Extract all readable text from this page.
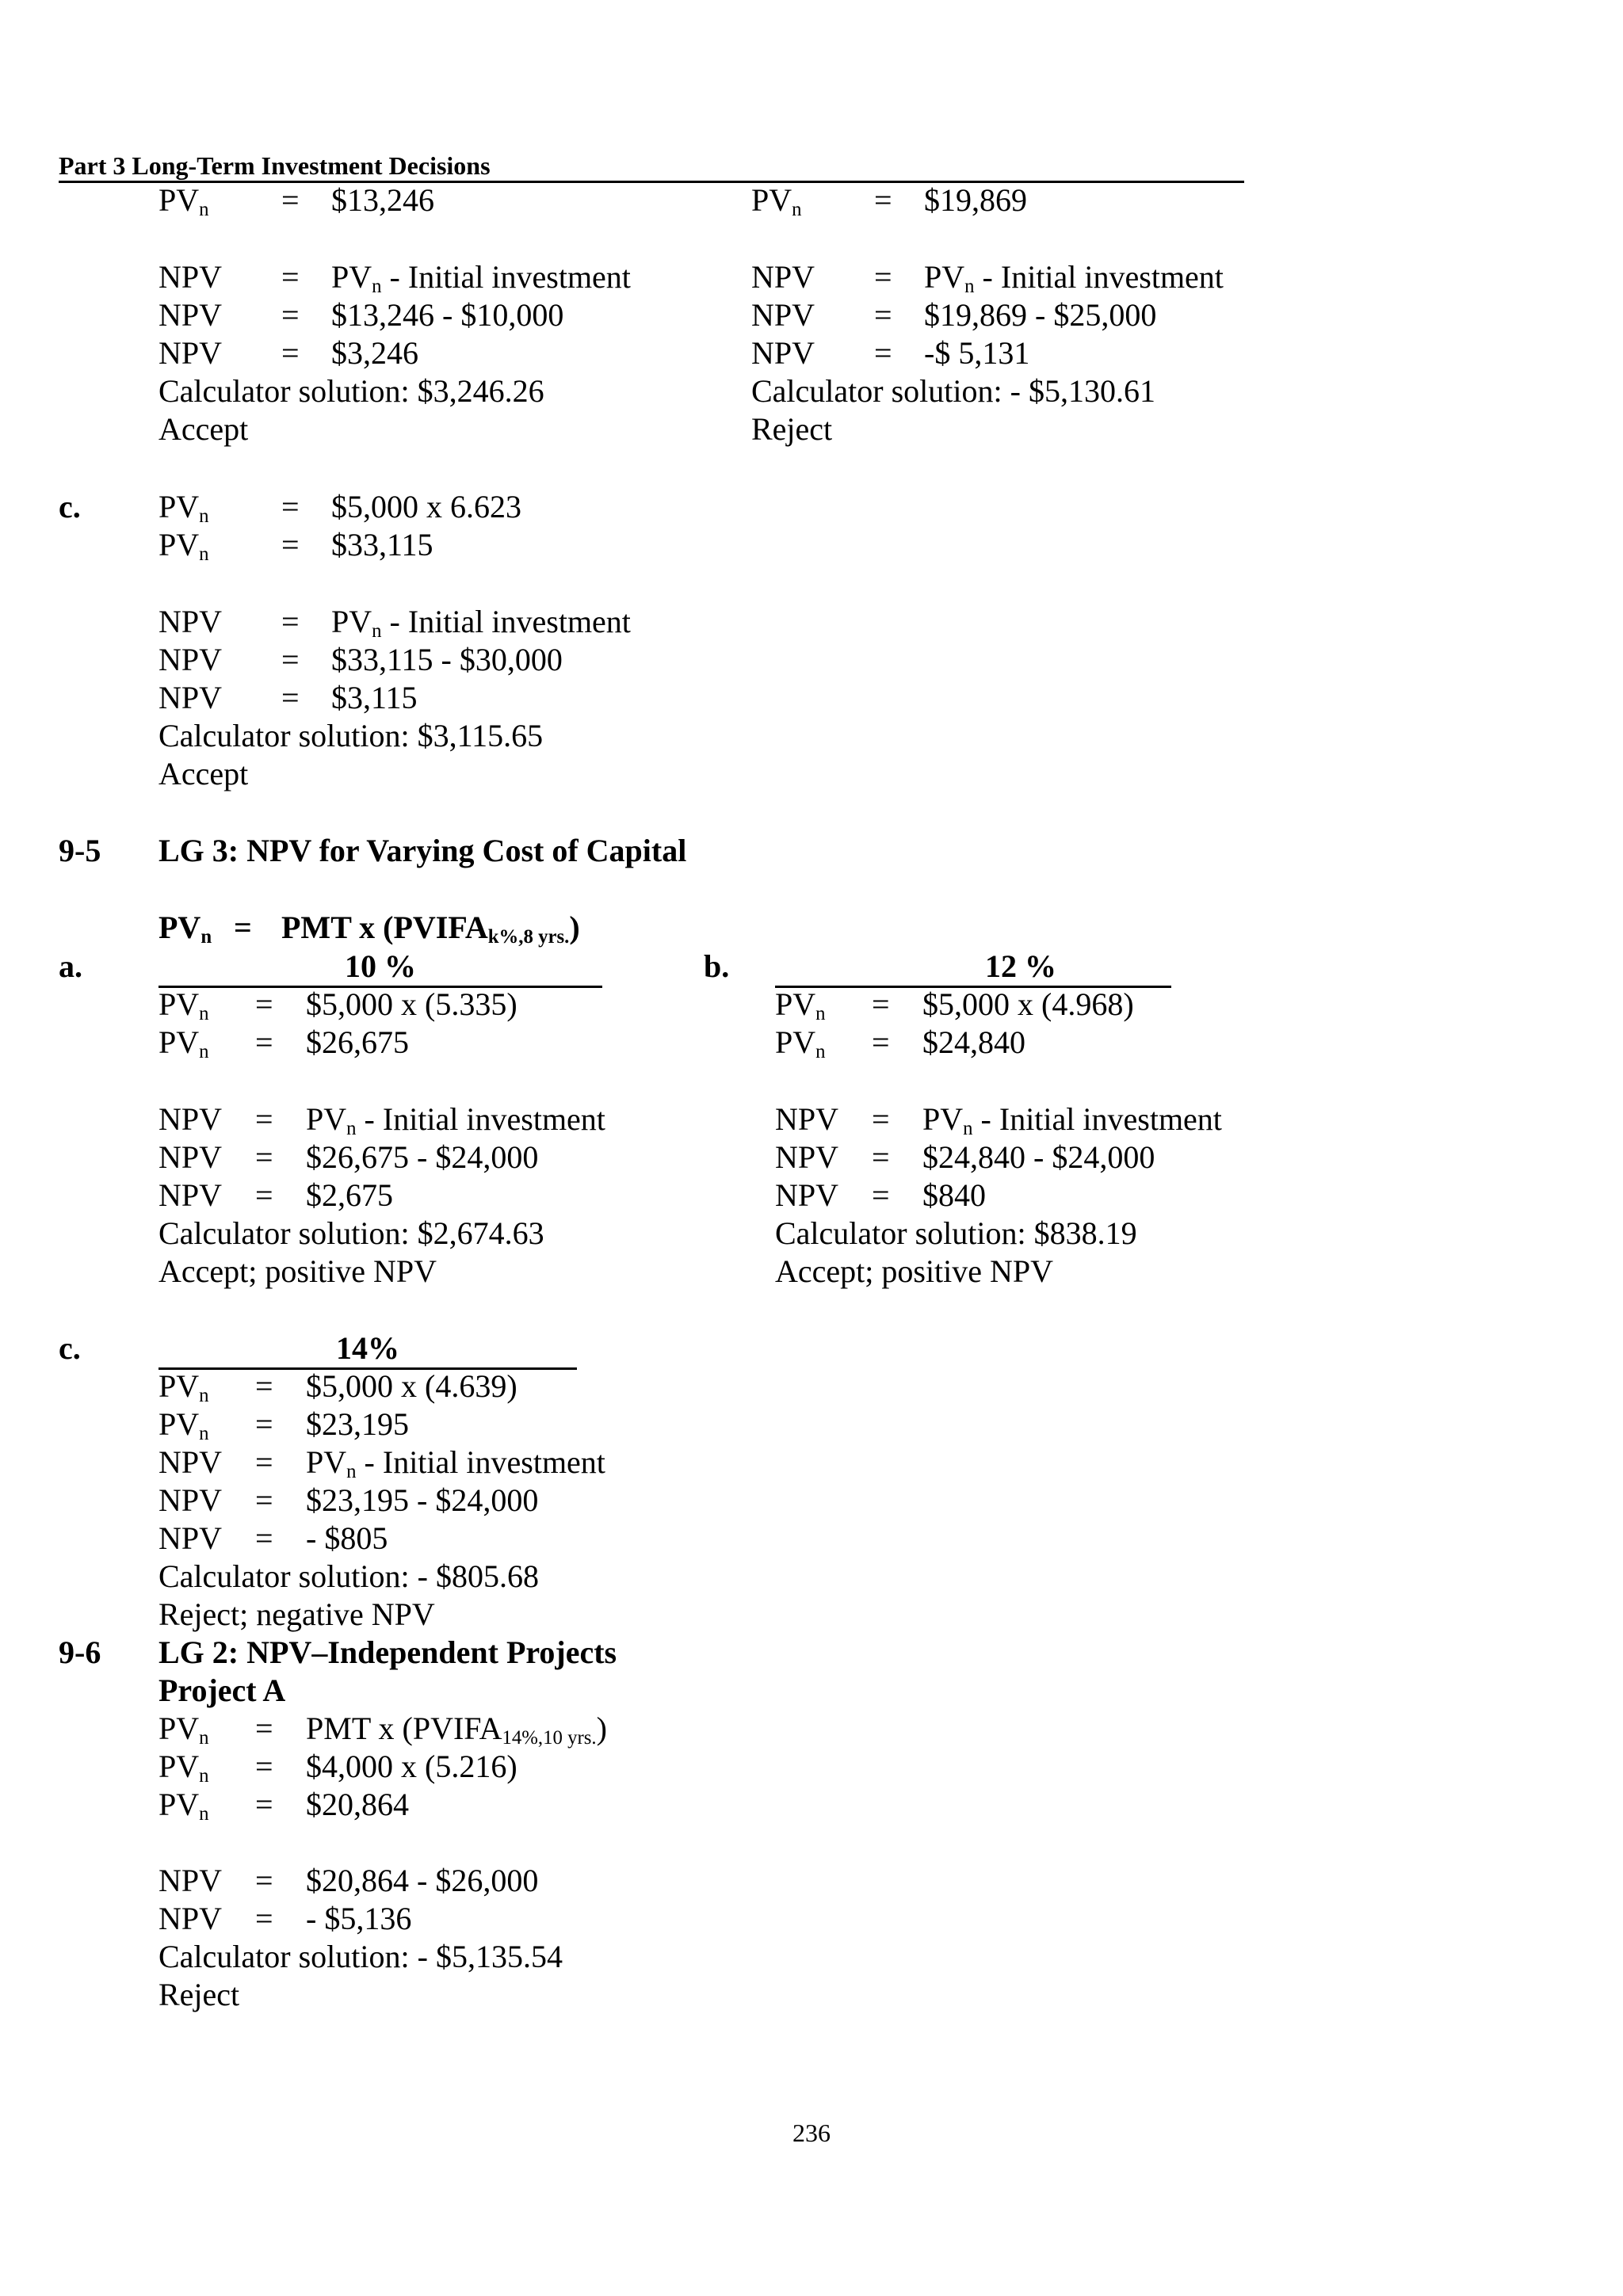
Part 3 Long-Term Investment Decisions
$PV_n$ = $13,246
NPV = $PV_n$ - Initial investment
NPV = $13,246 - $10,000
NPV = $3,246
Calculator solution: $3,246.26
Accept
$PV_n$ = $19,869
NPV = $PV_n$ - Initial investment
NPV = $19,869 - $25,000
NPV = -$ 5,131
Calculator solution: - $5,130.61
Reject
c. $PV_n$ = $5,000 x 6.623
$PV_n$ = $33,115
NPV = $PV_n$ - Initial investment
NPV = $33,115 - $30,000
NPV = $3,115
Calculator solution: $3,115.65
Accept
9-5 LG 3: NPV for Varying Cost of Capital
$PV_n$ = PMT x $(PVIFA_{k\%,8 yrs.})$
a.	10 %
$PV_n$ = $5,000 x (5.335)
$PV_n$ = $26,675
NPV = $PV_n$ - Initial investment
NPV = $26,675 - $24,000
NPV = $2,675
Calculator solution: $2,674.63
Accept; positive NPV
b.	12 %
$PV_n$ = $5,000 x (4.968)
$PV_n$ = $24,840
NPV = $PV_n$ - Initial investment
NPV = $24,840 - $24,000
NPV = $840
Calculator solution: $838.19
Accept; positive NPV
c.	14%
$PV_n$ = $5,000 x (4.639)
$PV_n$ = $23,195
NPV = $PV_n$ - Initial investment
NPV = $23,195 - $24,000
NPV = - $805
Calculator solution: - $805.68
Reject; negative NPV
9-6 LG 2: NPV–Independent Projects
Project A
$PV_n$ = PMT x $(PVIFA_{14\%,10 yrs.})$
$PV_n$ = $4,000 x (5.216)
$PV_n$ = $20,864
NPV = $20,864 - $26,000
NPV = - $5,136
Calculator solution: - $5,135.54
Reject
236
